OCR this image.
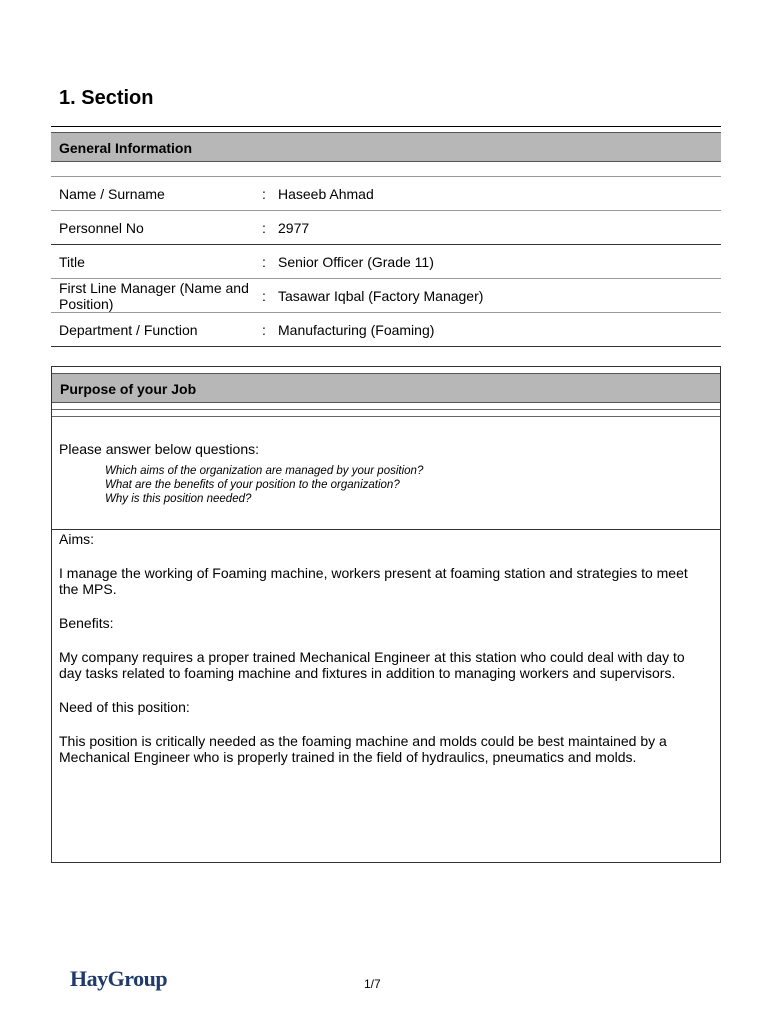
1. Section
General Information
Name / Surname	: Haseeb Ahmad
Personnel No	: 2977
Title	: Senior Officer (Grade 11)
First Line Manager (Name and Position)	: Tasawar Iqbal (Factory Manager)
Department / Function	: Manufacturing (Foaming)
Purpose of your Job
Please answer below questions:
Which aims of the organization are managed by your position?
What are the benefits of your position to the organization?
Why is this position needed?

Aims:

I manage the working of Foaming machine, workers present at foaming station and strategies to meet the MPS.

Benefits:

My company requires a proper trained Mechanical Engineer at this station who could deal with day to day tasks related to foaming machine and fixtures in addition to managing workers and supervisors.

Need of this position:

This position is critically needed as the foaming machine and molds could be best maintained by a Mechanical Engineer who is properly trained in the field of hydraulics, pneumatics and molds.

HayGroup	1/7
